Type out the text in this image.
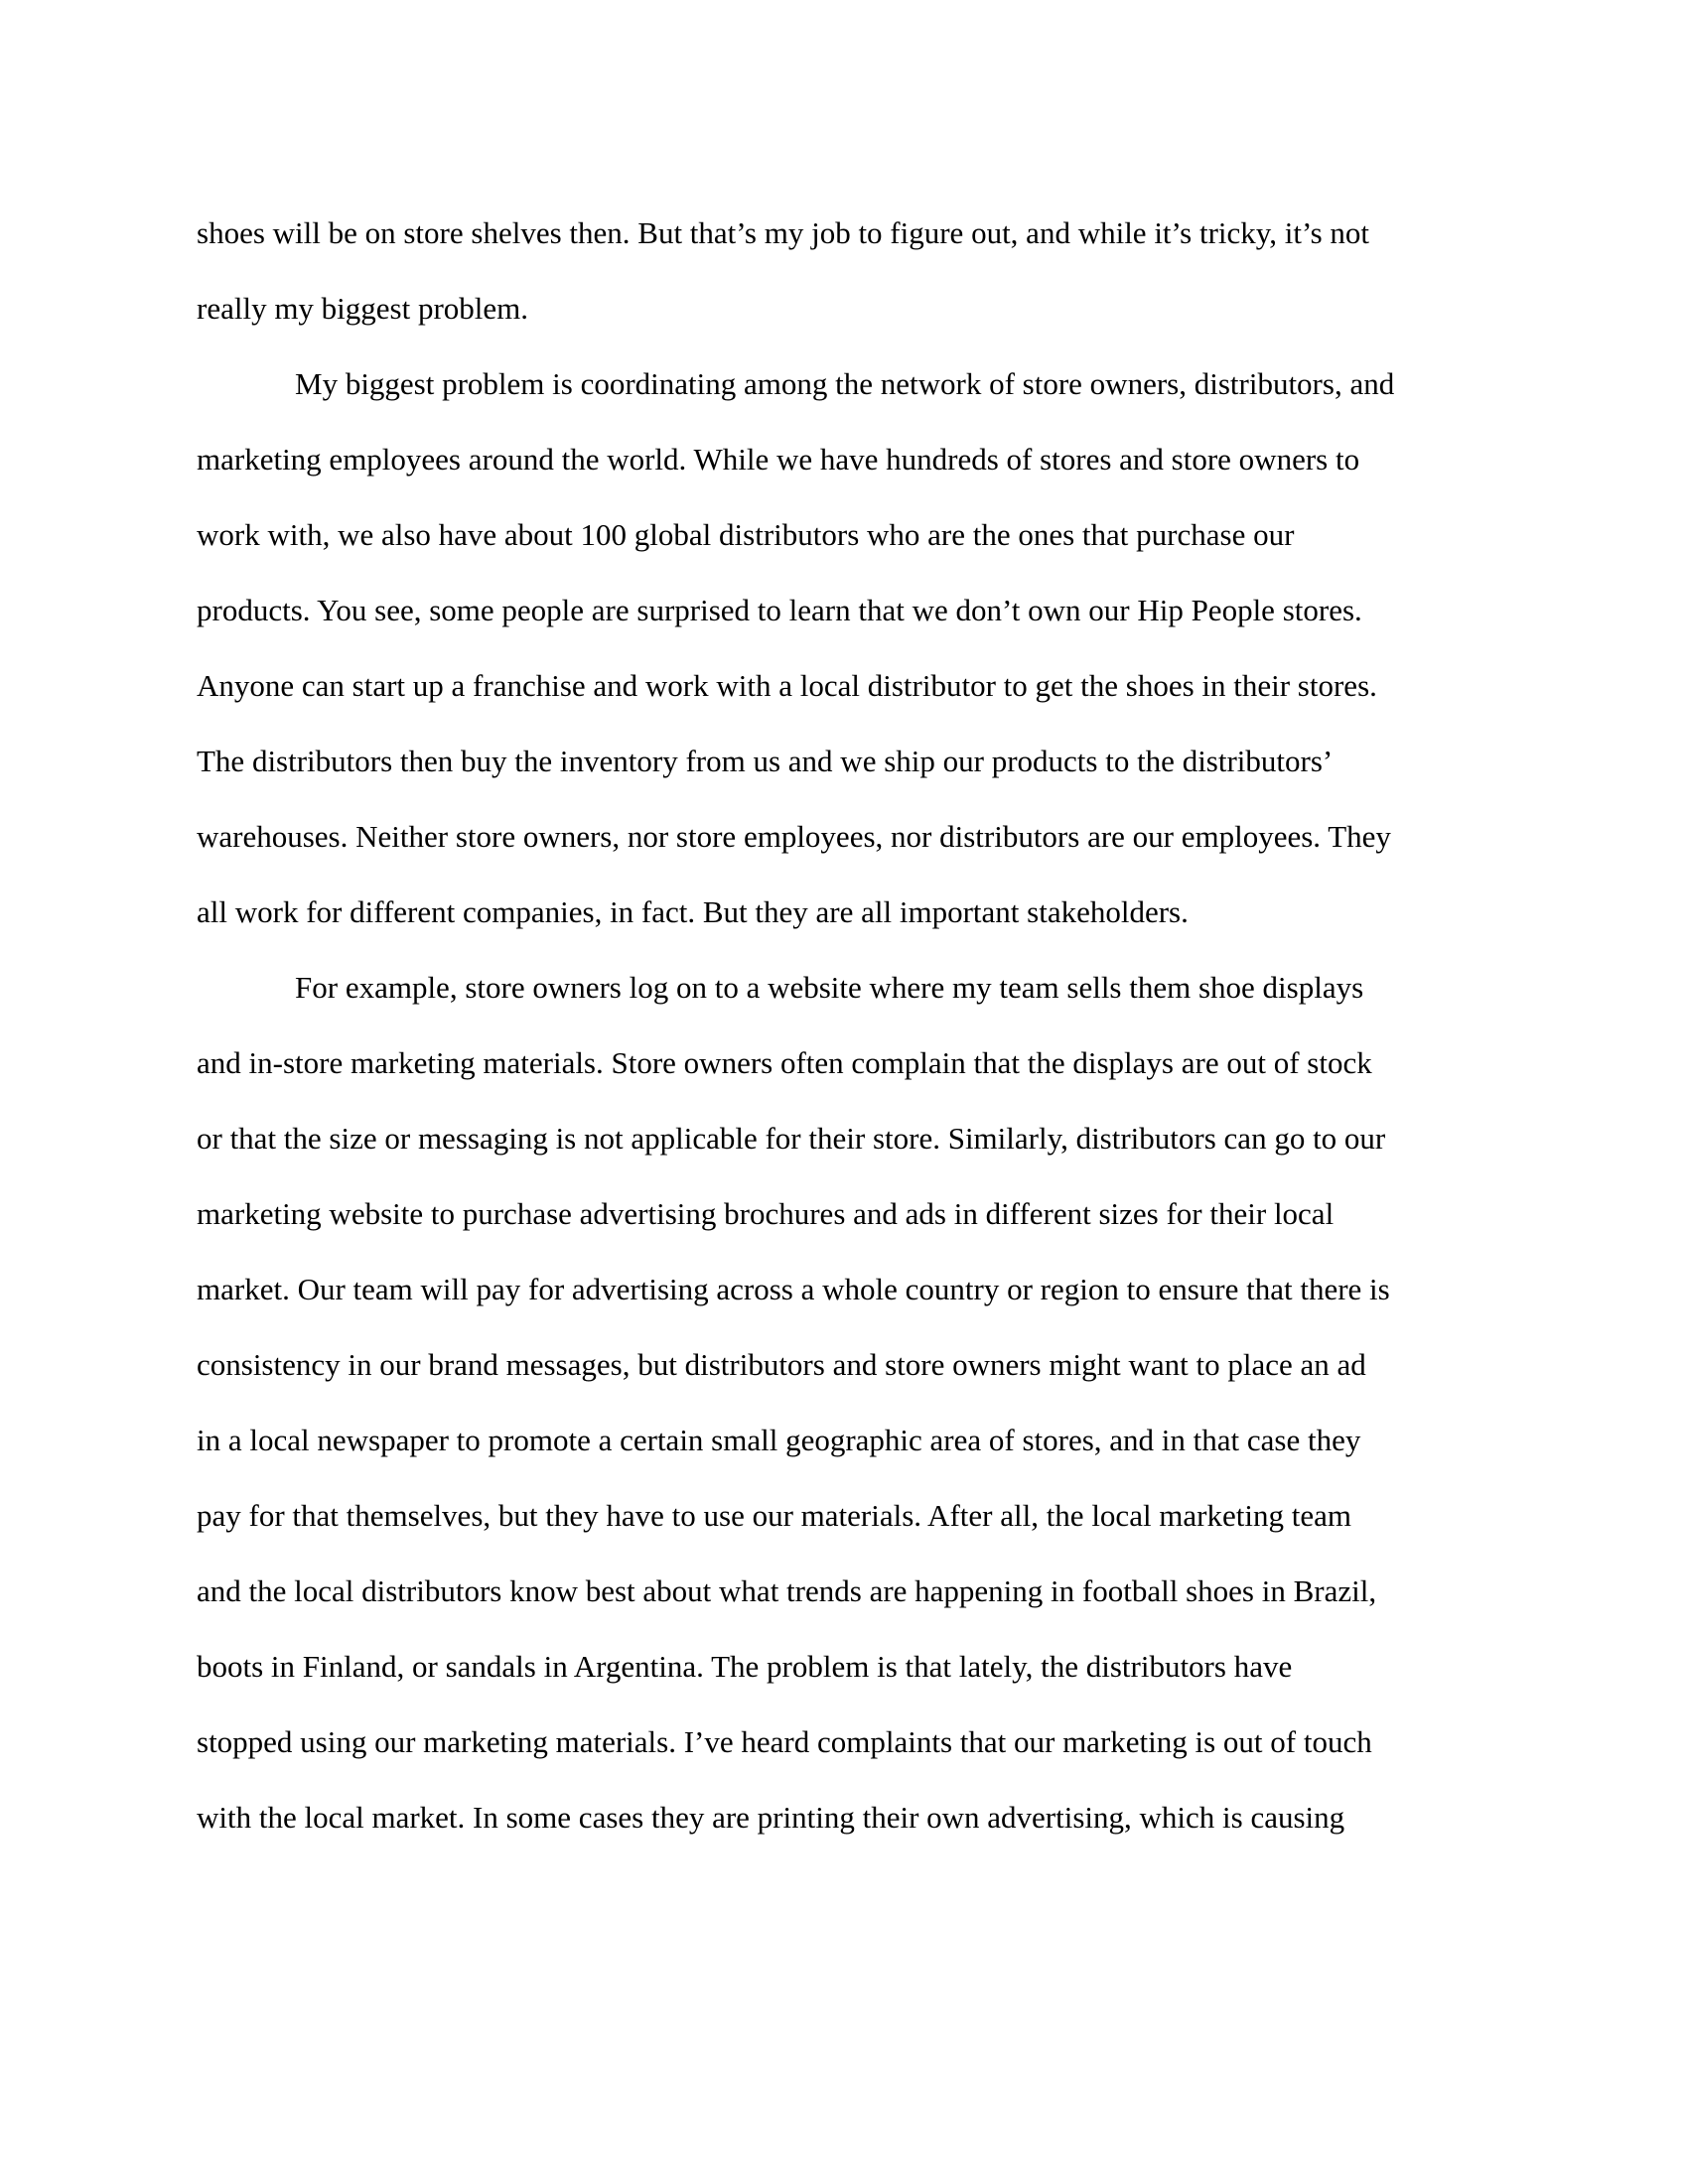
shoes will be on store shelves then. But that’s my job to figure out, and while it’s tricky, it’s not
really my biggest problem.
My biggest problem is coordinating among the network of store owners, distributors, and
marketing employees around the world. While we have hundreds of stores and store owners to
work with, we also have about 100 global distributors who are the ones that purchase our
products. You see, some people are surprised to learn that we don’t own our Hip People stores.
Anyone can start up a franchise and work with a local distributor to get the shoes in their stores.
The distributors then buy the inventory from us and we ship our products to the distributors’
warehouses. Neither store owners, nor store employees, nor distributors are our employees. They
all work for different companies, in fact. But they are all important stakeholders.
For example, store owners log on to a website where my team sells them shoe displays
and in-store marketing materials. Store owners often complain that the displays are out of stock
or that the size or messaging is not applicable for their store. Similarly, distributors can go to our
marketing website to purchase advertising brochures and ads in different sizes for their local
market. Our team will pay for advertising across a whole country or region to ensure that there is
consistency in our brand messages, but distributors and store owners might want to place an ad
in a local newspaper to promote a certain small geographic area of stores, and in that case they
pay for that themselves, but they have to use our materials. After all, the local marketing team
and the local distributors know best about what trends are happening in football shoes in Brazil,
boots in Finland, or sandals in Argentina. The problem is that lately, the distributors have
stopped using our marketing materials. I’ve heard complaints that our marketing is out of touch
with the local market. In some cases they are printing their own advertising, which is causing
